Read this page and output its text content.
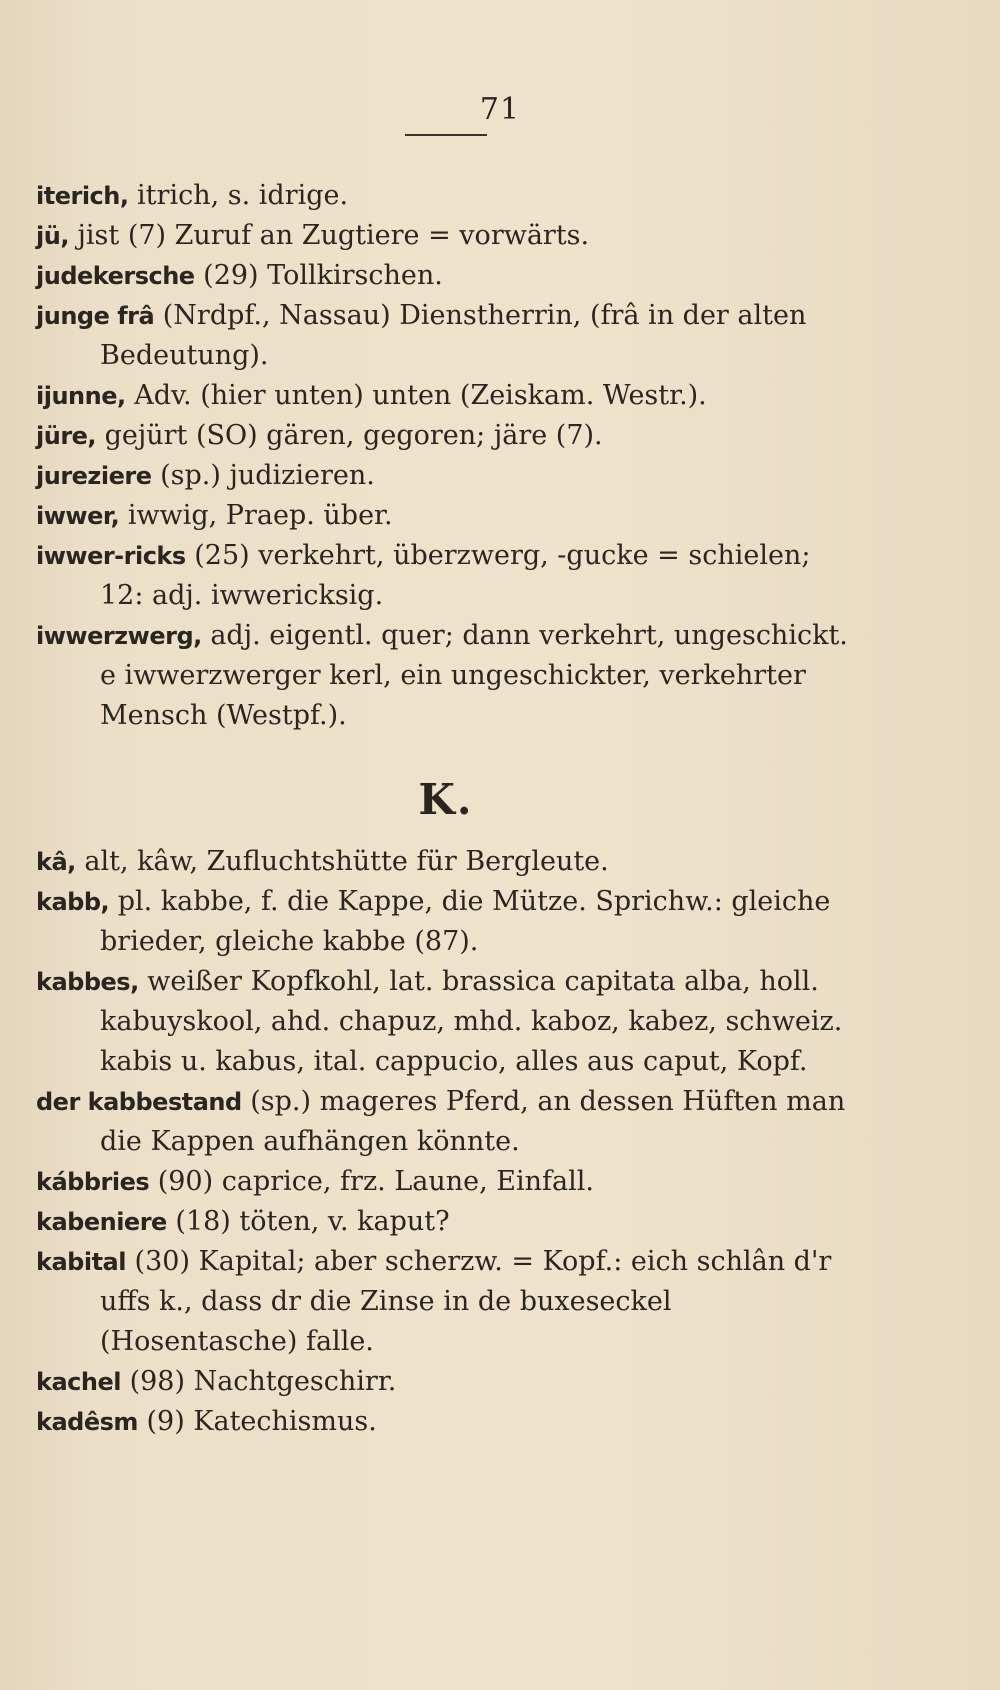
71
iterich, itrich, s. idrige.
jü, jist (7) Zuruf an Zugtiere = vorwärts.
judekersche (29) Tollkirschen.
junge frâ (Nrdpf., Nassau) Dienstherrin, (frâ in der alten Bedeutung).
ijunne, Adv. (hier unten) unten (Zeiskam. Westr.).
jüre, gejürt (SO) gären, gegoren; järe (7).
jureziere (sp.) judizieren.
iwwer, iwwig, Praep. über.
iwwer-ricks (25) verkehrt, überzwerg, -gucke = schielen; 12: adj. iwwericksig.
iwwerzwerg, adj. eigentl. quer; dann verkehrt, ungeschickt. e iwwerzwerger kerl, ein ungeschickter, verkehrter Mensch (Westpf.).
K.
kâ, alt, kâw, Zufluchtshütte für Bergleute.
kabb, pl. kabbe, f. die Kappe, die Mütze. Sprichw.: gleiche brieder, gleiche kabbe (87).
kabbes, weißer Kopfkohl, lat. brassica capitata alba, holl. kabuyskool, ahd. chapuz, mhd. kaboz, kabez, schweiz. kabis u. kabus, ital. cappucio, alles aus caput, Kopf.
der kabbestand (sp.) mageres Pferd, an dessen Hüften man die Kappen aufhängen könnte.
kábbries (90) caprice, frz. Laune, Einfall.
kabeniere (18) töten, v. kaput?
kabital (30) Kapital; aber scherzw. = Kopf.: eich schlân d'r uffs k., dass dr die Zinse in de buxeseckel (Hosentasche) falle.
kachel (98) Nachtgeschirr.
kadêsm (9) Katechismus.
